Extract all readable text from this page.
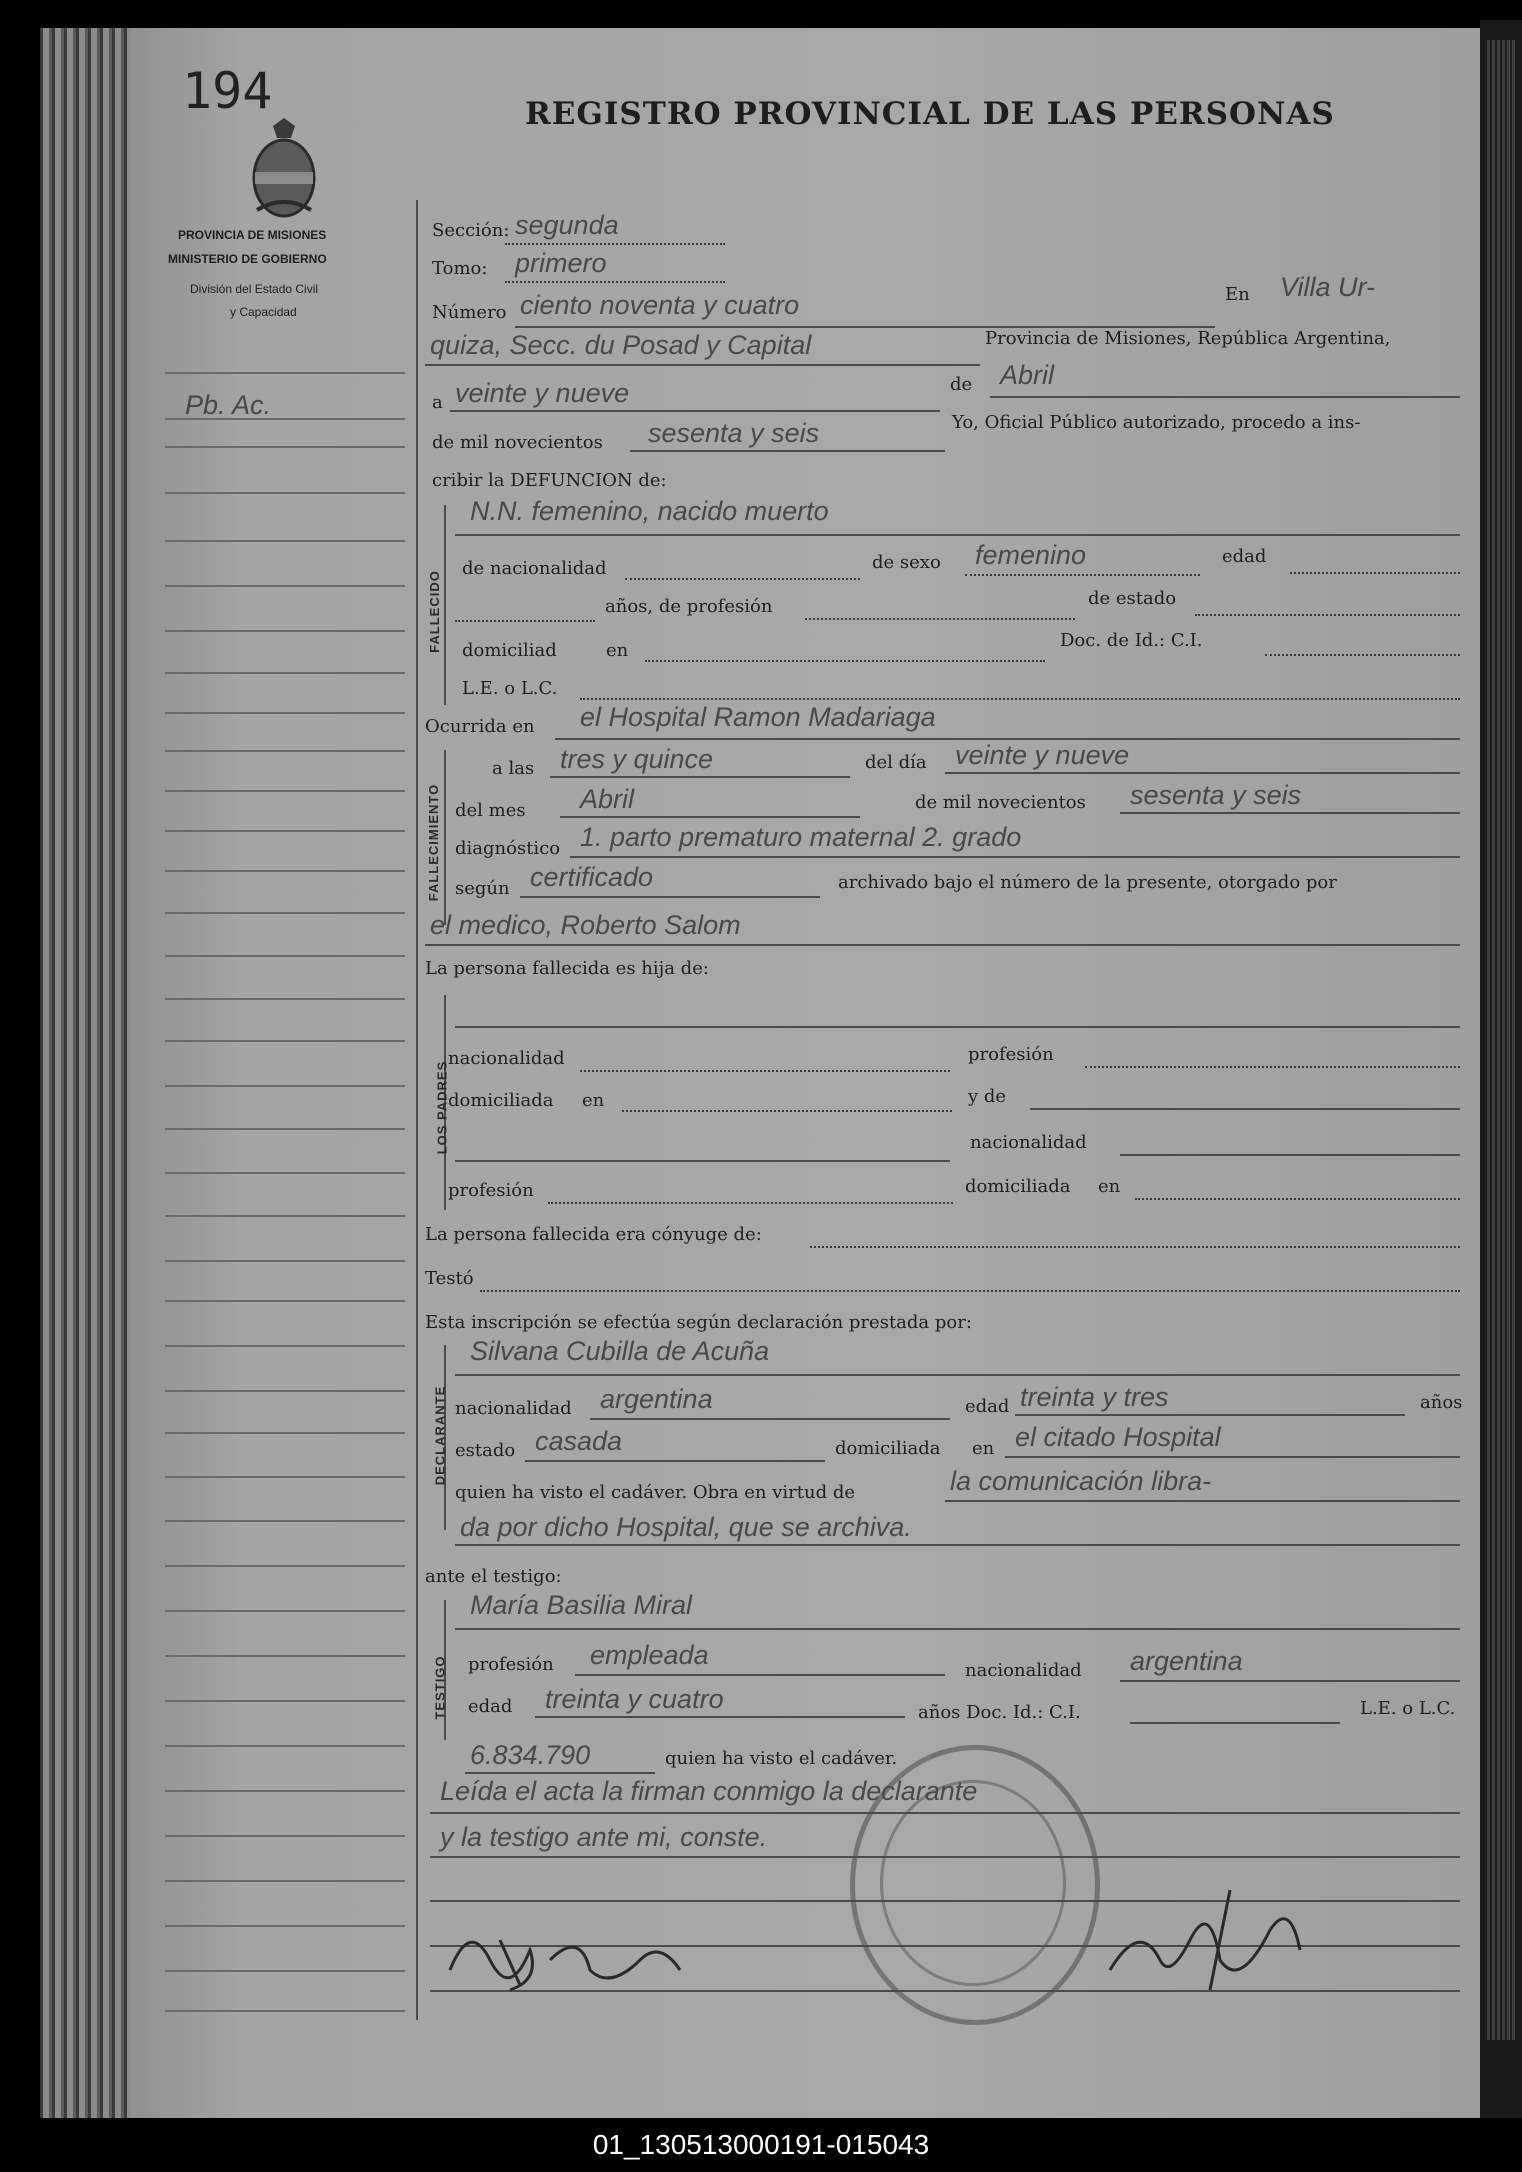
194	REGISTRO PROVINCIAL DE LAS PERSONAS
PROVINCIA DE MISIONES
MINISTERIO DE GOBIERNO
División del Estado Civil
y Capacidad
Pb. Ac.
Sección: segunda
Tomo: primero
Número ciento noventa y cuatro	En Villa Ur-
quiza, Secc. du Posad y Capital	Provincia de Misiones, República Argentina,
a veinte y nueve	de Abril
de mil novecientos sesenta y seis	Yo, Oficial Público autorizado, procedo a ins-
cribir la DEFUNCION de:
FALLECIDO
N.N. femenino, nacido muerto
de nacionalidad	de sexo femenino	edad
años, de profesión	de estado
domiciliad	en	Doc. de Id.: C.I.
L.E. o L.C.
Ocurrida en el Hospital Ramon Madariaga
FALLECIMIENTO
a las tres y quince	del día veinte y nueve
del mes Abril	de mil novecientos sesenta y seis
diagnóstico 1. parto prematuro maternal 2. grado
según certificado	archivado bajo el número de la presente, otorgado por
el medico, Roberto Salom
La persona fallecida es hija de:
LOS PADRES
nacionalidad	profesión
domiciliada en	y de
nacionalidad
profesión	domiciliada en
La persona fallecida era cónyuge de:
Testó
Esta inscripción se efectúa según declaración prestada por:
DECLARANTE
Silvana Cubilla de Acuña
nacionalidad argentina	edad treinta y tres	años
estado casada	domiciliada en el citado Hospital
quien ha visto el cadáver. Obra en virtud de	la comunicación libra-
da por dicho Hospital, que se archiva.
ante el testigo:
TESTIGO
María Basilia Miral
profesión empleada
nacionalidad argentina
edad treinta y cuatro	años Doc. Id.: C.I.	L.E. o L.C.
6.834.790	quien ha visto el cadáver.
Leída el acta la firman conmigo la declarante
y la testigo ante mi, conste.
01_130513000191-015043
